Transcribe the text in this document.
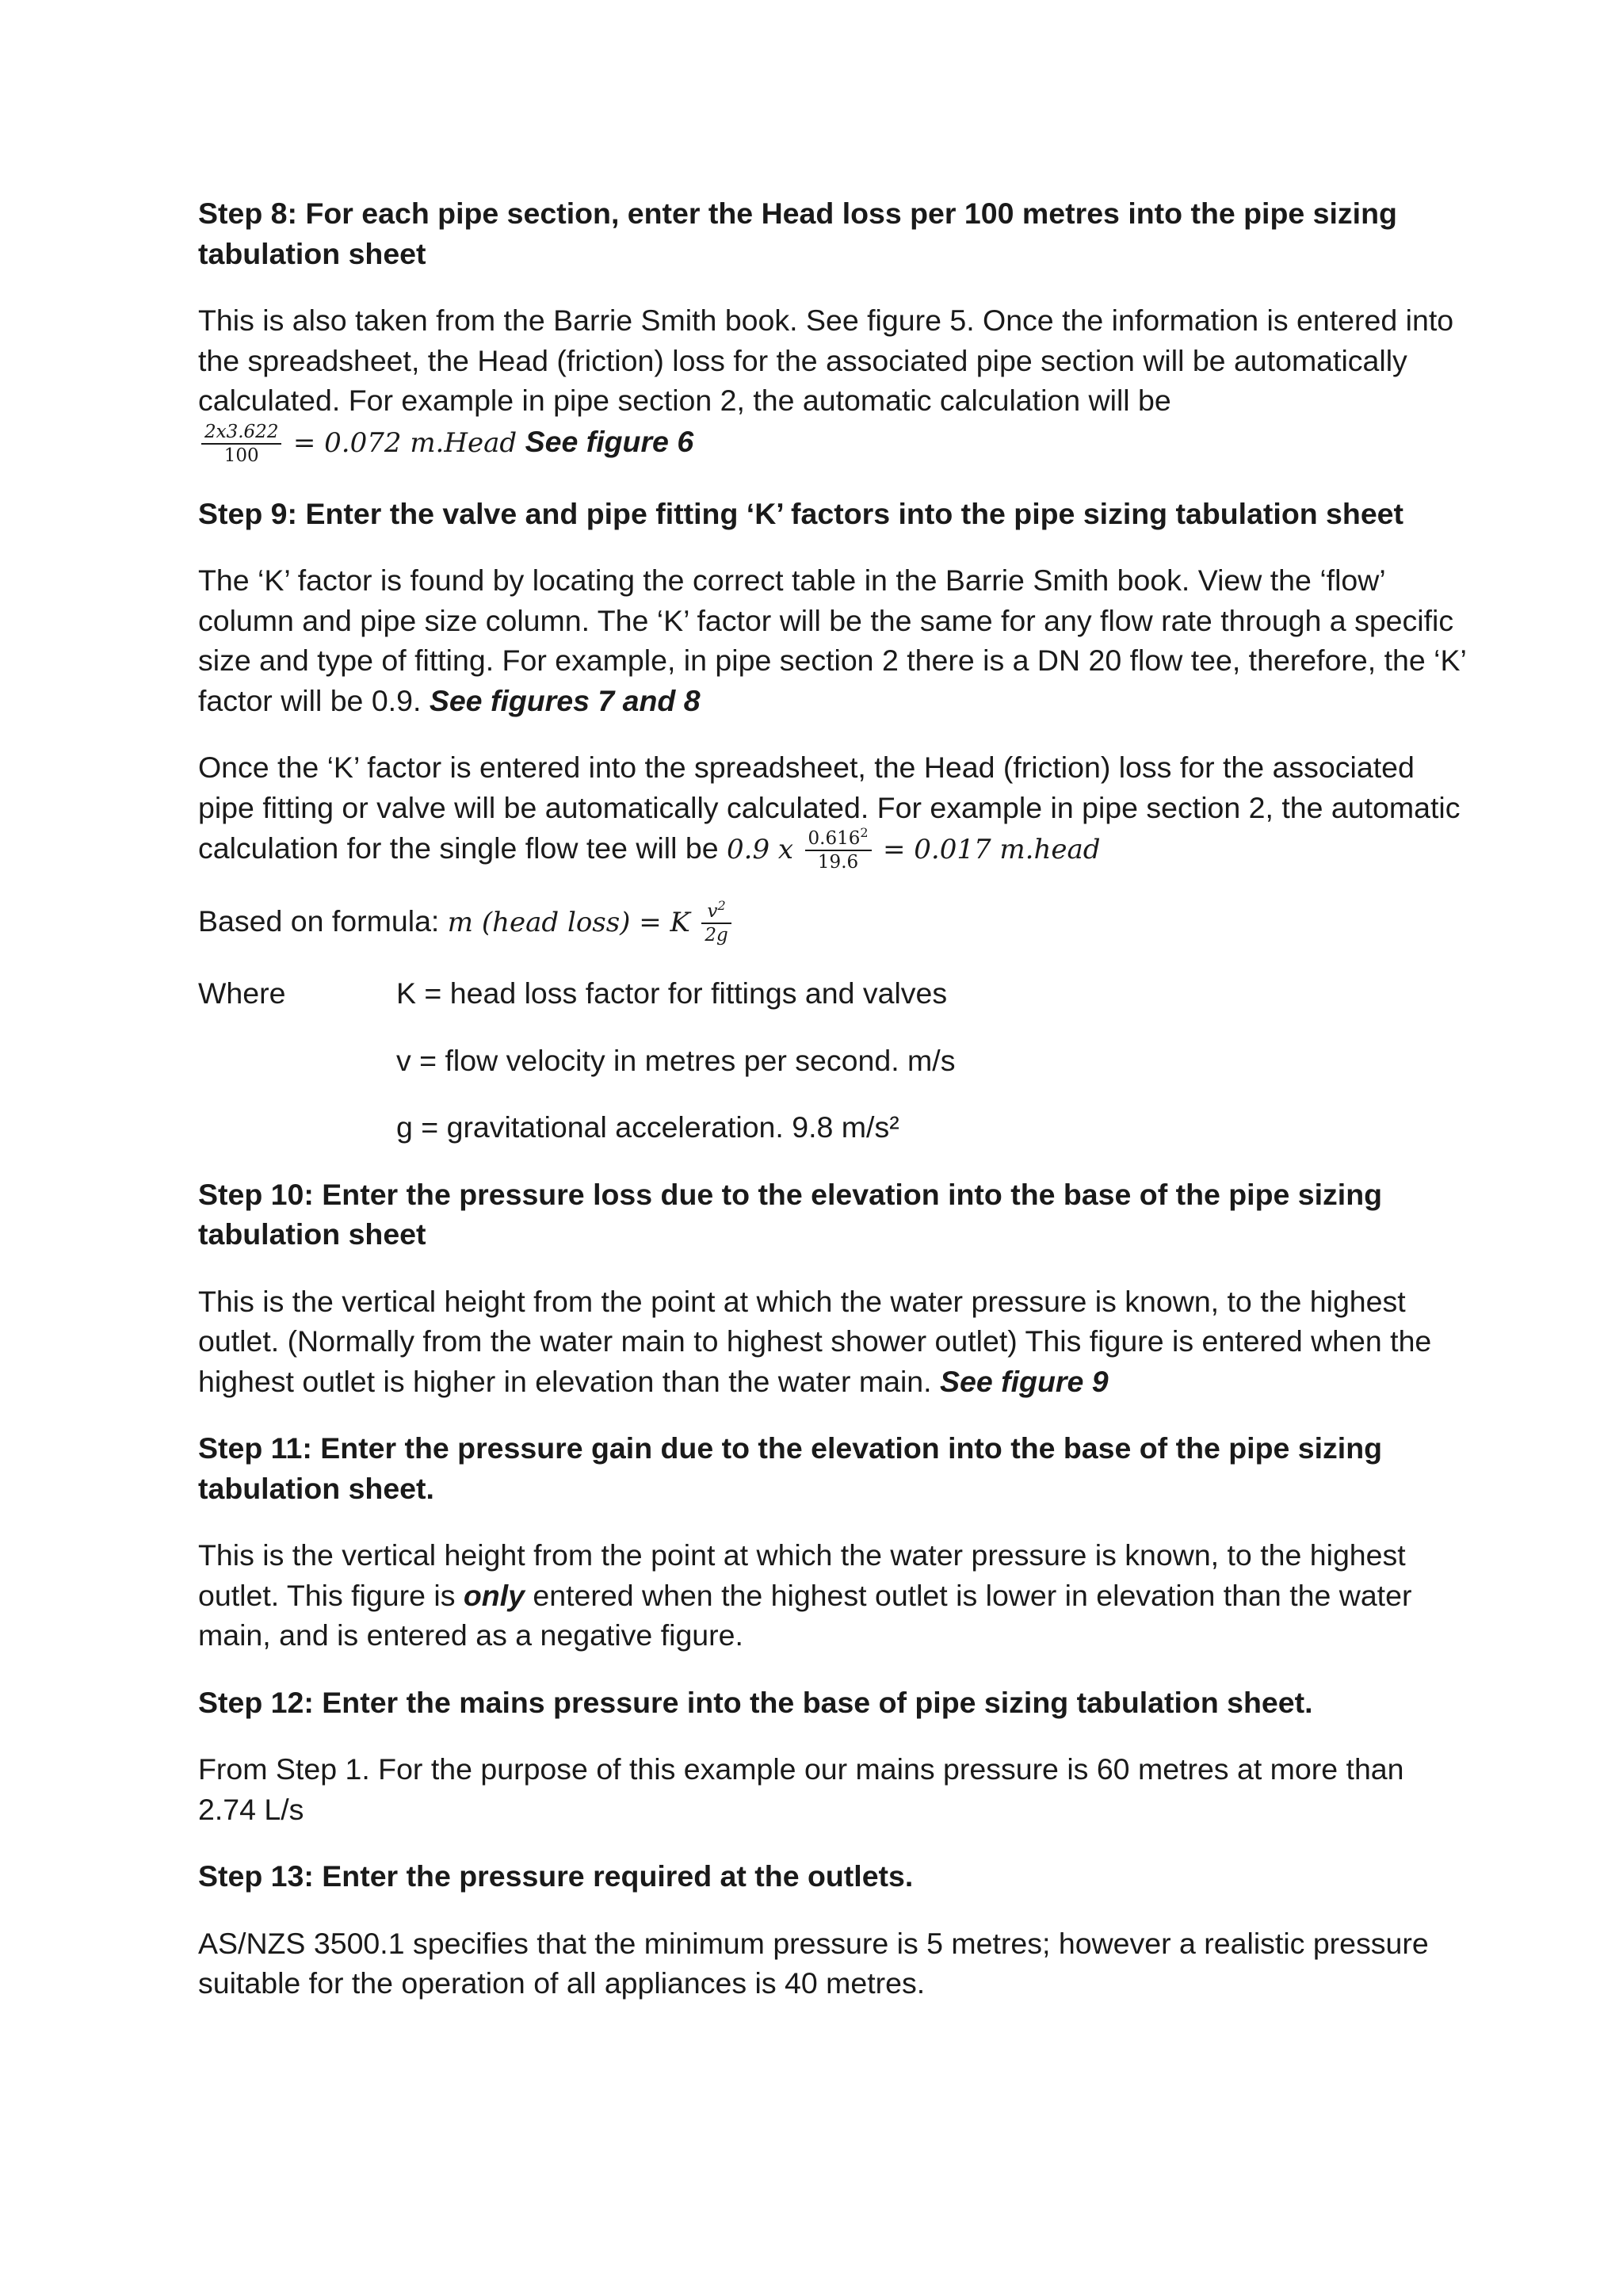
Step 8: For each pipe section, enter the Head loss per 100 metres into the pipe sizing tabulation sheet
This is also taken from the Barrie Smith book. See figure 5. Once the information is entered into the spreadsheet, the Head (friction) loss for the associated pipe section will be automatically calculated. For example in pipe section 2, the automatic calculation will be

$\frac{2x3.622}{100} = 0.072$ m.Head See figure 6
Step 9: Enter the valve and pipe fitting ‘K’ factors into the pipe sizing tabulation sheet
The ‘K’ factor is found by locating the correct table in the Barrie Smith book. View the ‘flow’ column and pipe size column. The ‘K’ factor will be the same for any flow rate through a specific size and type of fitting. For example, in pipe section 2 there is a DN 20 flow tee, therefore, the ‘K’ factor will be 0.9. See figures 7 and 8
Once the ‘K’ factor is entered into the spreadsheet, the Head (friction) loss for the associated pipe fitting or valve will be automatically calculated. For example in pipe section 2, the automatic calculation for the single flow tee will be 0.9 x $\frac{0.616^2}{19.6} = 0.017$ m.head
Based on formula: m (head loss) = K $\frac{v^2}{2g}$
Where	K = head loss factor for fittings and valves
v = flow velocity in metres per second. m/s
g = gravitational acceleration. 9.8 m/s²
Step 10: Enter the pressure loss due to the elevation into the base of the pipe sizing tabulation sheet
This is the vertical height from the point at which the water pressure is known, to the highest outlet. (Normally from the water main to highest shower outlet) This figure is entered when the highest outlet is higher in elevation than the water main. See figure 9
Step 11: Enter the pressure gain due to the elevation into the base of the pipe sizing tabulation sheet.
This is the vertical height from the point at which the water pressure is known, to the highest outlet. This figure is only entered when the highest outlet is lower in elevation than the water main, and is entered as a negative figure.
Step 12: Enter the mains pressure into the base of pipe sizing tabulation sheet.
From Step 1. For the purpose of this example our mains pressure is 60 metres at more than 2.74 L/s
Step 13: Enter the pressure required at the outlets.
AS/NZS 3500.1 specifies that the minimum pressure is 5 metres; however a realistic pressure suitable for the operation of all appliances is 40 metres.
